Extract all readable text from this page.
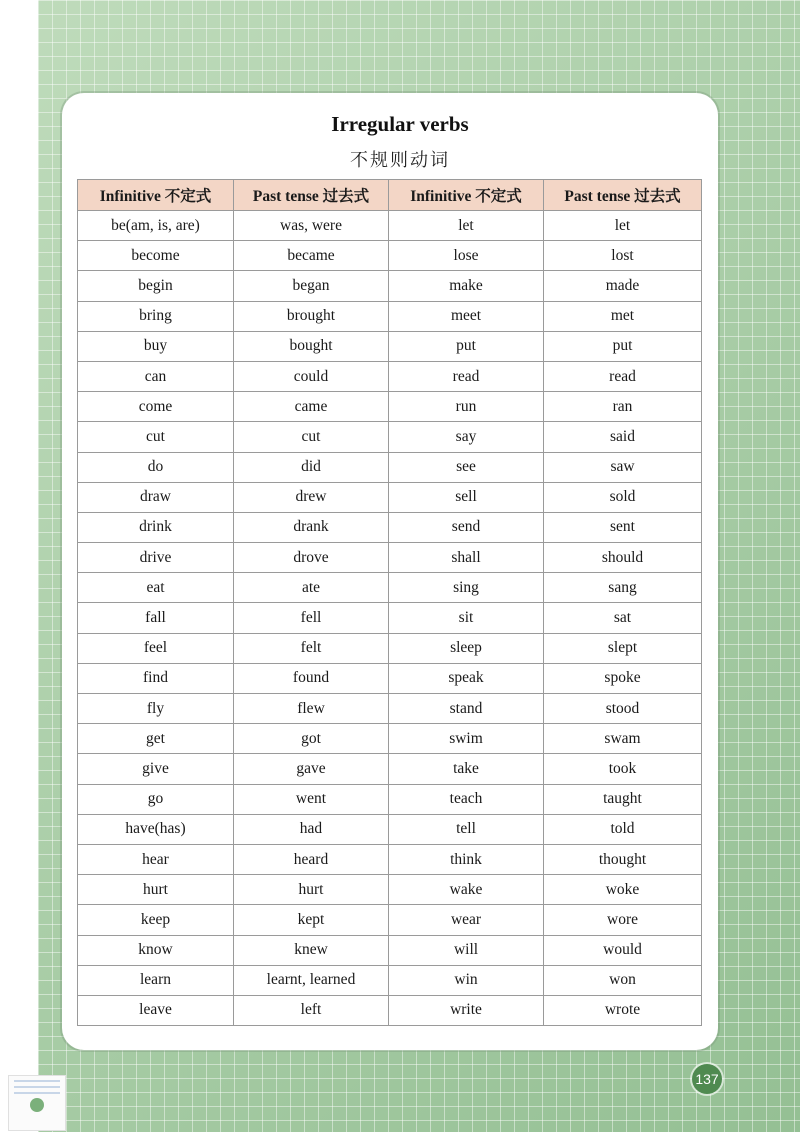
Irregular verbs
不规则动词
Infinitive 不定式	Past tense 过去式	Infinitive 不定式	Past tense 过去式
be(am, is, are)	was, were	let	let
become	became	lose	lost
begin	began	make	made
bring	brought	meet	met
buy	bought	put	put
can	could	read	read
come	came	run	ran
cut	cut	say	said
do	did	see	saw
draw	drew	sell	sold
drink	drank	send	sent
drive	drove	shall	should
eat	ate	sing	sang
fall	fell	sit	sat
feel	felt	sleep	slept
find	found	speak	spoke
fly	flew	stand	stood
get	got	swim	swam
give	gave	take	took
go	went	teach	taught
have(has)	had	tell	told
hear	heard	think	thought
hurt	hurt	wake	woke
keep	kept	wear	wore
know	knew	will	would
learn	learnt, learned	win	won
leave	left	write	wrote
137
